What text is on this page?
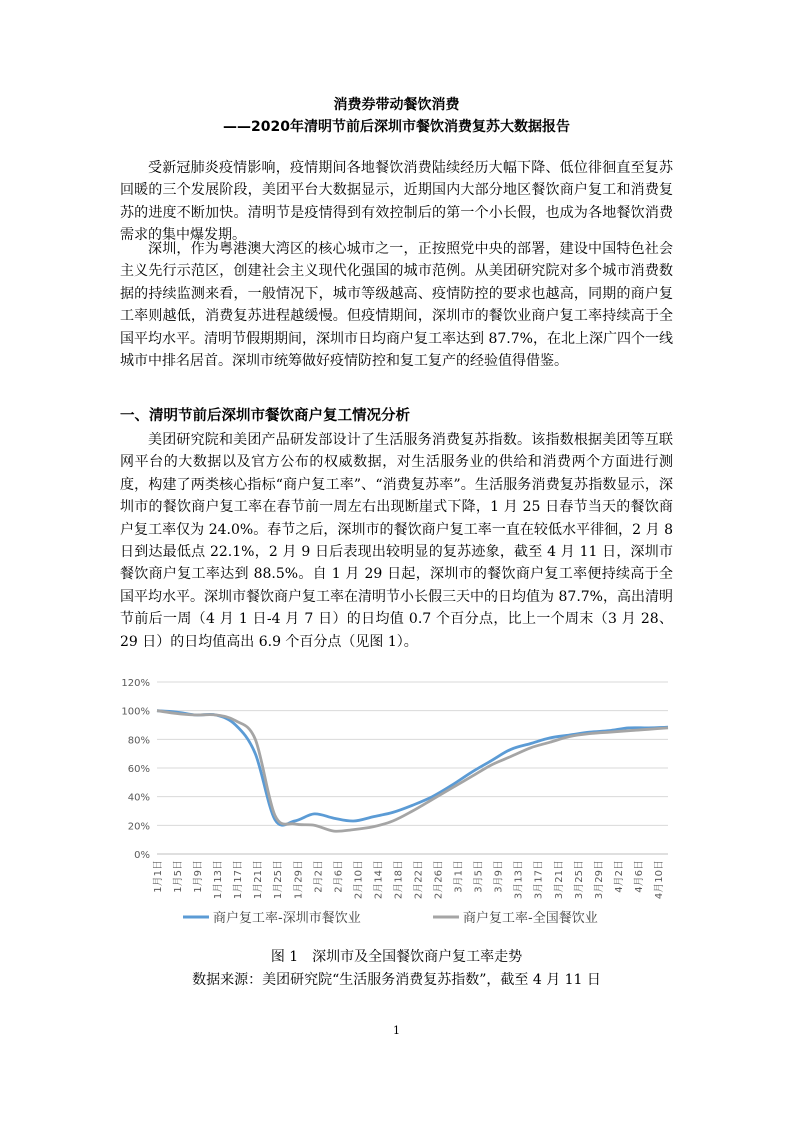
消费券带动餐饮消费
——2020年清明节前后深圳市餐饮消费复苏大数据报告

受新冠肺炎疫情影响，疫情期间各地餐饮消费陆续经历大幅下降、低位徘徊直至复苏回暖的三个发展阶段，美团平台大数据显示，近期国内大部分地区餐饮商户复工和消费复苏的进度不断加快。清明节是疫情得到有效控制后的第一个小长假，也成为各地餐饮消费需求的集中爆发期。

深圳，作为粤港澳大湾区的核心城市之一，正按照党中央的部署，建设中国特色社会主义先行示范区，创建社会主义现代化强国的城市范例。从美团研究院对多个城市消费数据的持续监测来看，一般情况下，城市等级越高、疫情防控的要求也越高，同期的商户复工率则越低，消费复苏进程越缓慢。但疫情期间，深圳市的餐饮业商户复工率持续高于全国平均水平。清明节假期期间，深圳市日均商户复工率达到 87.7%，在北上深广四个一线城市中排名居首。深圳市统筹做好疫情防控和复工复产的经验值得借鉴。

一、清明节前后深圳市餐饮商户复工情况分析

美团研究院和美团产品研发部设计了生活服务消费复苏指数。该指数根据美团等互联网平台的大数据以及官方公布的权威数据，对生活服务业的供给和消费两个方面进行测度，构建了两类核心指标“商户复工率”、“消费复苏率”。生活服务消费复苏指数显示，深圳市的餐饮商户复工率在春节前一周左右出现断崖式下降，1 月 25 日春节当天的餐饮商户复工率仅为 24.0%。春节之后，深圳市的餐饮商户复工率一直在较低水平徘徊，2 月 8 日到达最低点 22.1%，2 月 9 日后表现出较明显的复苏迹象，截至 4 月 11 日，深圳市餐饮商户复工率达到 88.5%。自 1 月 29 日起，深圳市的餐饮商户复工率便持续高于全国平均水平。深圳市餐饮商户复工率在清明节小长假三天中的日均值为 87.7%，高出清明节前后一周（4 月 1 日-4 月 7 日）的日均值 0.7 个百分点，比上一个周末（3 月 28、29 日）的日均值高出 6.9 个百分点（见图 1）。

0%
20%
40%
60%
80%
100%
120%
1月1日 1月5日 1月9日 1月13日 1月17日 1月21日 1月25日 1月29日 2月2日 2月6日 2月10日 2月14日 2月18日 2月22日 2月26日 3月1日 3月5日 3月9日 3月13日 3月17日 3月21日 3月25日 3月29日 4月2日 4月6日 4月10日
商户复工率-深圳市餐饮业	商户复工率-全国餐饮业
图 1　深圳市及全国餐饮商户复工率走势
数据来源：美团研究院“生活服务消费复苏指数”，截至 4 月 11 日
1
